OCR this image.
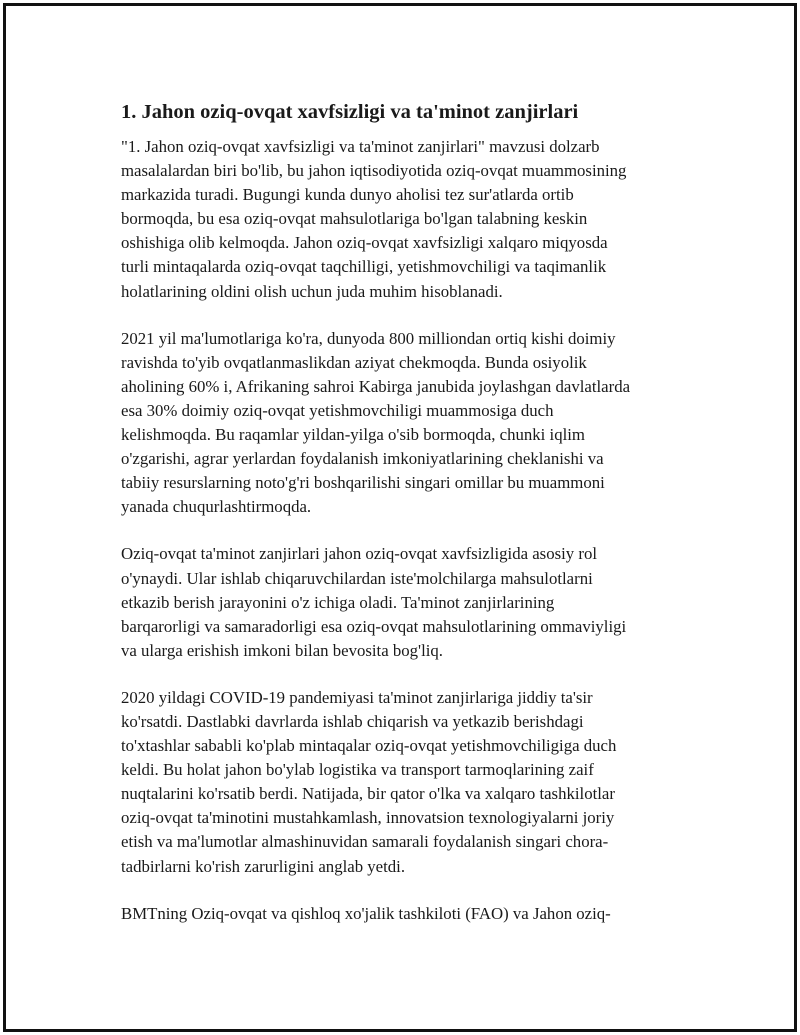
1. Jahon oziq-ovqat xavfsizligi va ta'minot zanjirlari

"1. Jahon oziq-ovqat xavfsizligi va ta'minot zanjirlari" mavzusi dolzarb
masalalardan biri bo'lib, bu jahon iqtisodiyotida oziq-ovqat muammosining
markazida turadi. Bugungi kunda dunyo aholisi tez sur'atlarda ortib
bormoqda, bu esa oziq-ovqat mahsulotlariga bo'lgan talabning keskin
oshishiga olib kelmoqda. Jahon oziq-ovqat xavfsizligi xalqaro miqyosda
turli mintaqalarda oziq-ovqat taqchilligi, yetishmovchiligi va taqimanlik
holatlarining oldini olish uchun juda muhim hisoblanadi.

2021 yil ma'lumotlariga ko'ra, dunyoda 800 milliondan ortiq kishi doimiy
ravishda to'yib ovqatlanmaslikdan aziyat chekmoqda. Bunda osiyolik
aholining 60% i, Afrikaning sahroi Kabirga janubida joylashgan davlatlarda
esa 30% doimiy oziq-ovqat yetishmovchiligi muammosiga duch
kelishmoqda. Bu raqamlar yildan-yilga o'sib bormoqda, chunki iqlim
o'zgarishi, agrar yerlardan foydalanish imkoniyatlarining cheklanishi va
tabiiy resurslarning noto'g'ri boshqarilishi singari omillar bu muammoni
yanada chuqurlashtirmoqda.

Oziq-ovqat ta'minot zanjirlari jahon oziq-ovqat xavfsizligida asosiy rol
o'ynaydi. Ular ishlab chiqaruvchilardan iste'molchilarga mahsulotlarni
etkazib berish jarayonini o'z ichiga oladi. Ta'minot zanjirlarining
barqarorligi va samaradorligi esa oziq-ovqat mahsulotlarining ommaviyligi
va ularga erishish imkoni bilan bevosita bog'liq.

2020 yildagi COVID-19 pandemiyasi ta'minot zanjirlariga jiddiy ta'sir
ko'rsatdi. Dastlabki davrlarda ishlab chiqarish va yetkazib berishdagi
to'xtashlar sababli ko'plab mintaqalar oziq-ovqat yetishmovchiligiga duch
keldi. Bu holat jahon bo'ylab logistika va transport tarmoqlarining zaif
nuqtalarini ko'rsatib berdi. Natijada, bir qator o'lka va xalqaro tashkilotlar
oziq-ovqat ta'minotini mustahkamlash, innovatsion texnologiyalarni joriy
etish va ma'lumotlar almashinuvidan samarali foydalanish singari chora-
tadbirlarni ko'rish zarurligini anglab yetdi.

BMTning Oziq-ovqat va qishloq xo'jalik tashkiloti (FAO) va Jahon oziq-
